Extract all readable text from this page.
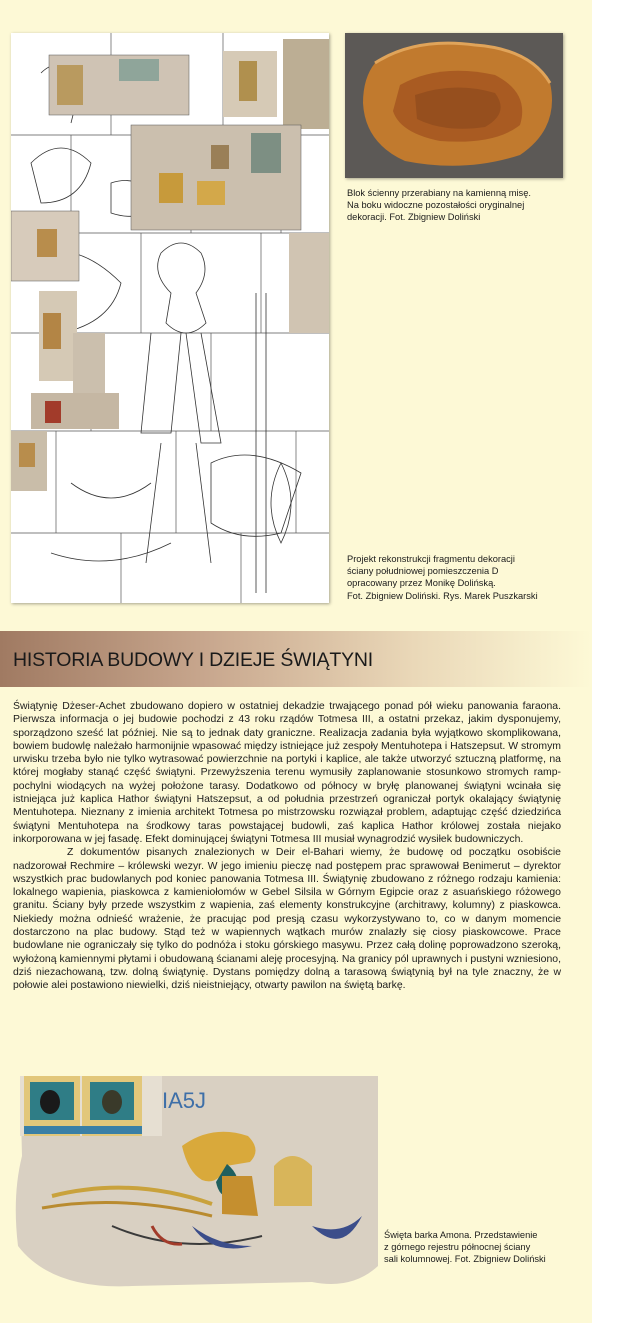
Blok ścienny przerabiany na kamienną misę.
Na boku widoczne pozostałości oryginalnej
dekoracji. Fot. Zbigniew Doliński
Projekt rekonstrukcji fragmentu dekoracji
ściany południowej pomieszczenia D
opracowany przez Monikę Dolińską.
Fot. Zbigniew Doliński. Rys. Marek Puszkarski
HISTORIA BUDOWY I DZIEJE ŚWIĄTYNI

Świątynię Dżeser-Achet zbudowano dopiero w ostatniej dekadzie trwającego ponad pół wieku panowania faraona. Pierwsza informacja o jej budowie pochodzi z 43 roku rządów Totmesa III, a ostatni przekaz, jakim dysponujemy, sporządzono sześć lat później. Nie są to jednak daty graniczne. Realizacja zadania była wyjątkowo skomplikowana, bowiem budowlę należało harmonijnie wpasować między istniejące już zespoły Mentuhotepa i Hatszepsut. W stromym urwisku trzeba było nie tylko wytrasować powierzchnie na portyki i kaplice, ale także utworzyć sztuczną platformę, na której mogłaby stanąć część świątyni. Przewyższenia terenu wymusiły zaplanowanie stosunkowo stromych ramp-pochylni wiodących na wyżej położone tarasy. Dodatkowo od północy w bryłę planowanej świątyni wcinała się istniejąca już kaplica Hathor świątyni Hatszepsut, a od południa przestrzeń ograniczał portyk okalający świątynię Mentuhotepa. Nieznany z imienia architekt Totmesa po mistrzowsku rozwiązał problem, adaptując część dziedzińca świątyni Mentuhotepa na środkowy taras powstającej budowli, zaś kaplica Hathor królowej została niejako inkorporowana w jej fasadę. Efekt dominującej świątyni Totmesa III musiał wynagrodzić wysiłek budowniczych.

Z dokumentów pisanych znalezionych w Deir el-Bahari wiemy, że budowę od początku osobiście nadzorował Rechmire – królewski wezyr. W jego imieniu pieczę nad postępem prac sprawował Benimerut – dyrektor wszystkich prac budowlanych pod koniec panowania Totmesa III. Świątynię zbudowano z różnego rodzaju kamienia: lokalnego wapienia, piaskowca z kamieniołomów w Gebel Silsila w Górnym Egipcie oraz z asuańskiego różowego granitu. Ściany były przede wszystkim z wapienia, zaś elementy konstrukcyjne (architrawy, kolumny) z piaskowca. Niekiedy można odnieść wrażenie, że pracując pod presją czasu wykorzystywano to, co w danym momencie dostarczono na plac budowy. Stąd też w wapiennych wątkach murów znalazły się ciosy piaskowcowe. Prace budowlane nie ograniczały się tylko do podnóża i stoku górskiego masywu. Przez całą dolinę poprowadzono szeroką, wyłożoną kamiennymi płytami i obudowaną ścianami aleję procesyjną. Na granicy pól uprawnych i pustyni wzniesiono, dziś niezachowaną, tzw. dolną świątynię. Dystans pomiędzy dolną a tarasową świątynią był na tyle znaczny, że w połowie alei postawiono niewielki, dziś nieistniejący, otwarty pawilon na świętą barkę.

IA5J
Święta barka Amona. Przedstawienie
z górnego rejestru północnej ściany
sali kolumnowej. Fot. Zbigniew Doliński
